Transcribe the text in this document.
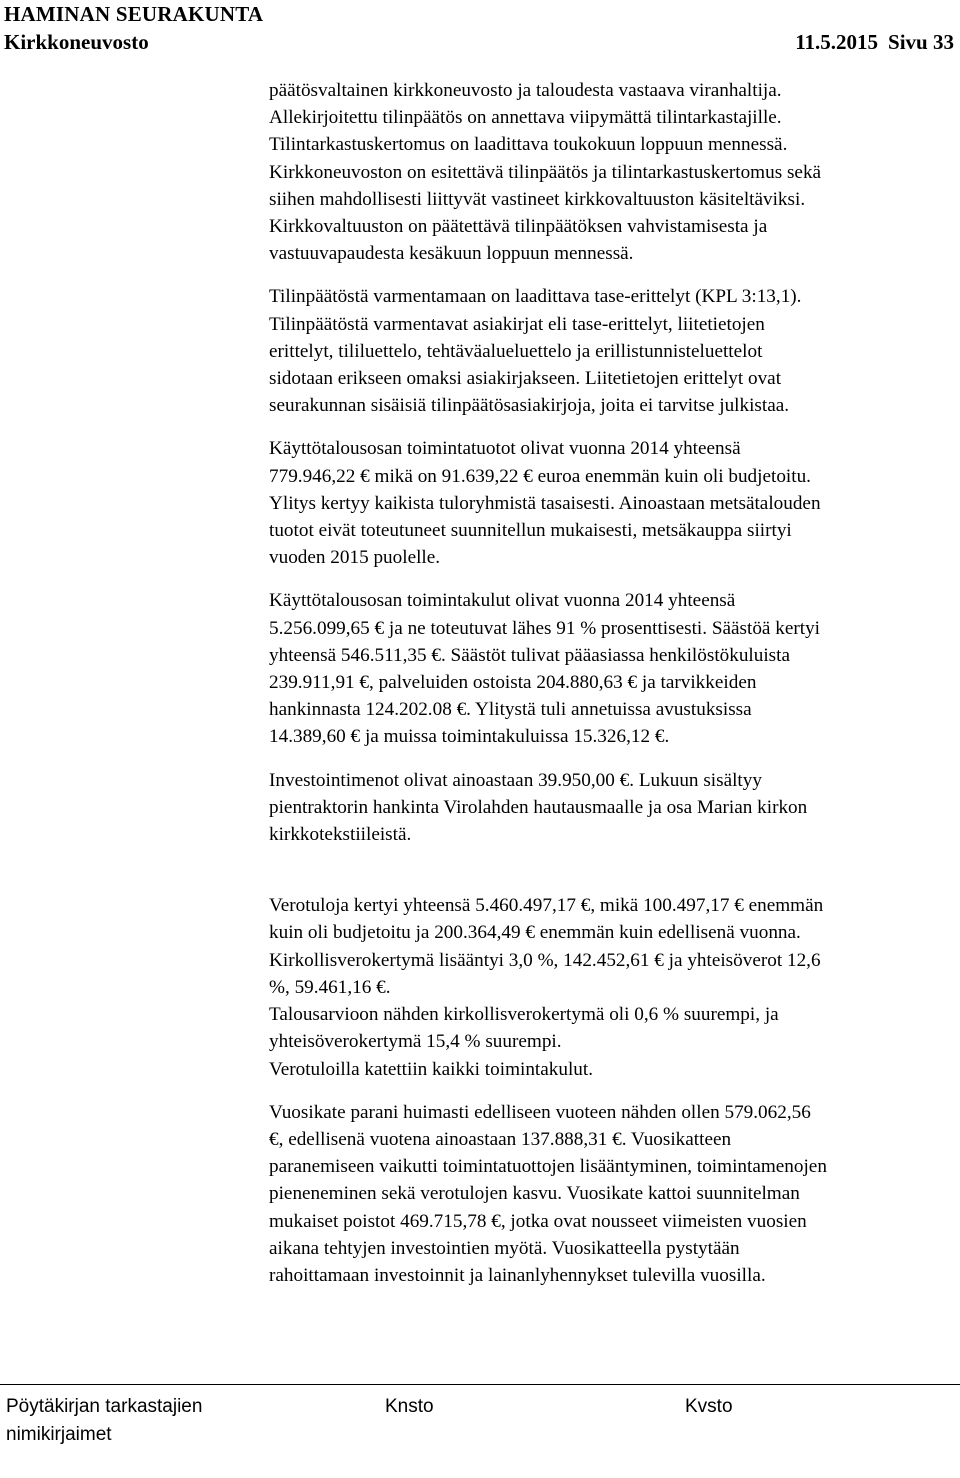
HAMINAN SEURAKUNTA
Kirkkoneuvosto	11.5.2015 Sivu 33

päätösvaltainen kirkkoneuvosto ja taloudesta vastaava viranhaltija.

Allekirjoitettu tilinpäätös on annettava viipymättä tilintarkastajille.

Tilintarkastuskertomus on laadittava toukokuun loppuun mennessä.

Kirkkoneuvoston on esitettävä tilinpäätös ja tilintarkastuskertomus sekä

siihen mahdollisesti liittyvät vastineet kirkkovaltuuston käsiteltäviksi.

Kirkkovaltuuston on päätettävä tilinpäätöksen vahvistamisesta ja

vastuuvapaudesta kesäkuun loppuun mennessä.

Tilinpäätöstä varmentamaan on laadittava tase-erittelyt (KPL 3:13,1).

Tilinpäätöstä varmentavat asiakirjat eli tase-erittelyt, liitetietojen

erittelyt, tililuettelo, tehtäväalueluettelo ja erillistunnisteluettelot

sidotaan erikseen omaksi asiakirjakseen. Liitetietojen erittelyt ovat

seurakunnan sisäisiä tilinpäätösasiakirjoja, joita ei tarvitse julkistaa.

Käyttötalousosan toimintatuotot olivat vuonna 2014 yhteensä

779.946,22 € mikä on 91.639,22 € euroa enemmän kuin oli budjetoitu.

Ylitys kertyy kaikista tuloryhmistä tasaisesti. Ainoastaan metsätalouden

tuotot eivät toteutuneet suunnitellun mukaisesti, metsäkauppa siirtyi

vuoden 2015 puolelle.

Käyttötalousosan toimintakulut olivat vuonna 2014 yhteensä

5.256.099,65 € ja ne toteutuvat lähes 91 % prosenttisesti. Säästöä kertyi

yhteensä 546.511,35 €. Säästöt tulivat pääasiassa henkilöstökuluista

239.911,91 €, palveluiden ostoista 204.880,63 € ja tarvikkeiden

hankinnasta 124.202.08 €. Ylitystä tuli annetuissa avustuksissa

14.389,60 € ja muissa toimintakuluissa 15.326,12 €.

Investointimenot olivat ainoastaan 39.950,00 €. Lukuun sisältyy

pientraktorin hankinta Virolahden hautausmaalle ja osa Marian kirkon

kirkkotekstiileistä.

Verotuloja kertyi yhteensä 5.460.497,17 €, mikä 100.497,17 € enemmän

kuin oli budjetoitu ja 200.364,49 € enemmän kuin edellisenä vuonna.

Kirkollisverokertymä lisääntyi 3,0 %, 142.452,61 € ja yhteisöverot 12,6

%, 59.461,16 €.

Talousarvioon nähden kirkollisverokertymä oli 0,6 % suurempi, ja

yhteisöverokertymä 15,4 % suurempi.

Verotuloilla katettiin kaikki toimintakulut.

Vuosikate parani huimasti edelliseen vuoteen nähden ollen 579.062,56

€, edellisenä vuotena ainoastaan 137.888,31 €. Vuosikatteen

paranemiseen vaikutti toimintatuottojen lisääntyminen, toimintamenojen

pieneneminen sekä verotulojen kasvu. Vuosikate kattoi suunnitelman

mukaiset poistot 469.715,78 €, jotka ovat nousseet viimeisten vuosien

aikana tehtyjen investointien myötä. Vuosikatteella pystytään

rahoittamaan investoinnit ja lainanlyhennykset tulevilla vuosilla.

Pöytäkirjan tarkastajien nimikirjaimet
Knsto	Kvsto
